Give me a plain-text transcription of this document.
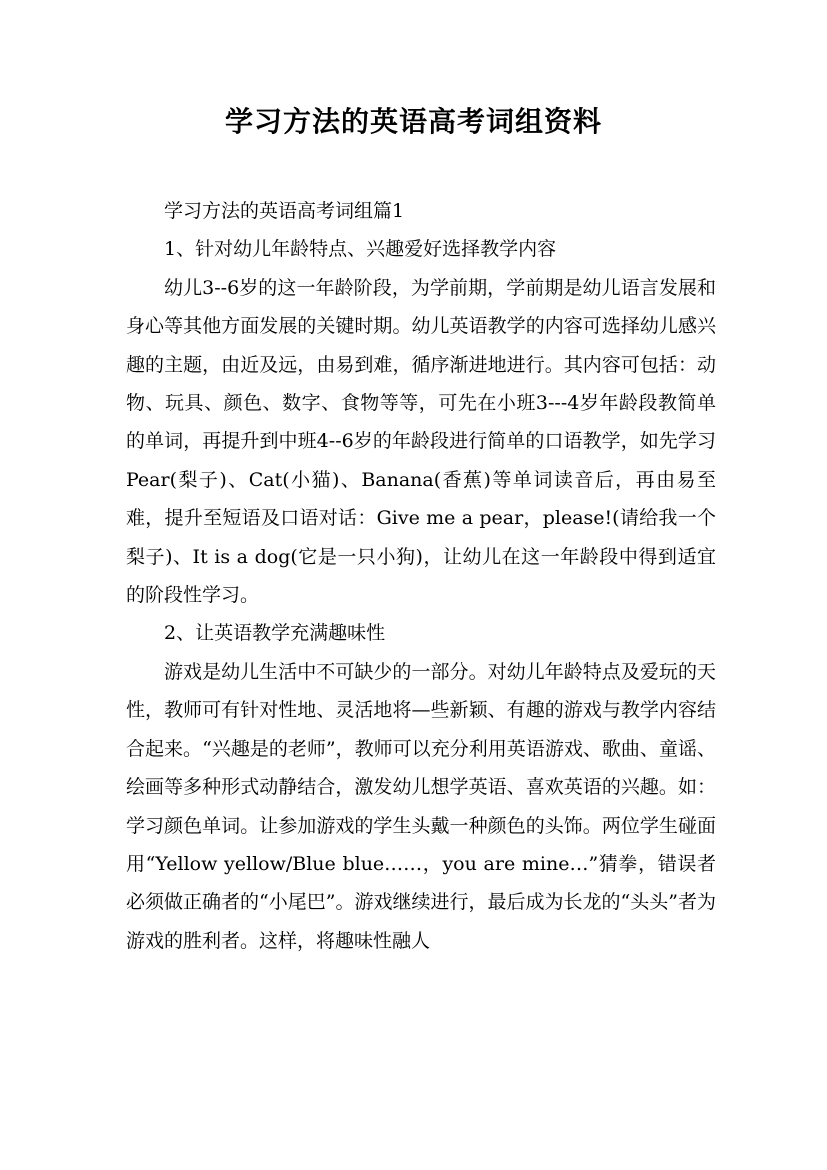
学习方法的英语高考词组资料

学习方法的英语高考词组篇1

1、针对幼儿年龄特点、兴趣爱好选择教学内容

幼儿3--6岁的这一年龄阶段，为学前期，学前期是幼儿语言发展和身心等其他方面发展的关键时期。幼儿英语教学的内容可选择幼儿感兴趣的主题，由近及远，由易到难，循序渐进地进行。其内容可包括：动物、玩具、颜色、数字、食物等等，可先在小班3---4岁年龄段教简单的单词，再提升到中班4--6岁的年龄段进行简单的口语教学，如先学习Pear(梨子)、Cat(小猫)、Banana(香蕉)等单词读音后，再由易至难，提升至短语及口语对话：Give me a pear，please!(请给我一个梨子)、It is a dog(它是一只小狗)，让幼儿在这一年龄段中得到适宜的阶段性学习。

2、让英语教学充满趣味性

游戏是幼儿生活中不可缺少的一部分。对幼儿年龄特点及爱玩的天性，教师可有针对性地、灵活地将—些新颖、有趣的游戏与教学内容结合起来。“兴趣是的老师”，教师可以充分利用英语游戏、歌曲、童谣、绘画等多种形式动静结合，激发幼儿想学英语、喜欢英语的兴趣。如：学习颜色单词。让参加游戏的学生头戴一种颜色的头饰。两位学生碰面用“Yellow yellow/Blue blue……，you are mine…”猜拳，错误者必须做正确者的“小尾巴”。游戏继续进行，最后成为长龙的“头头”者为游戏的胜利者。这样，将趣味性融人
